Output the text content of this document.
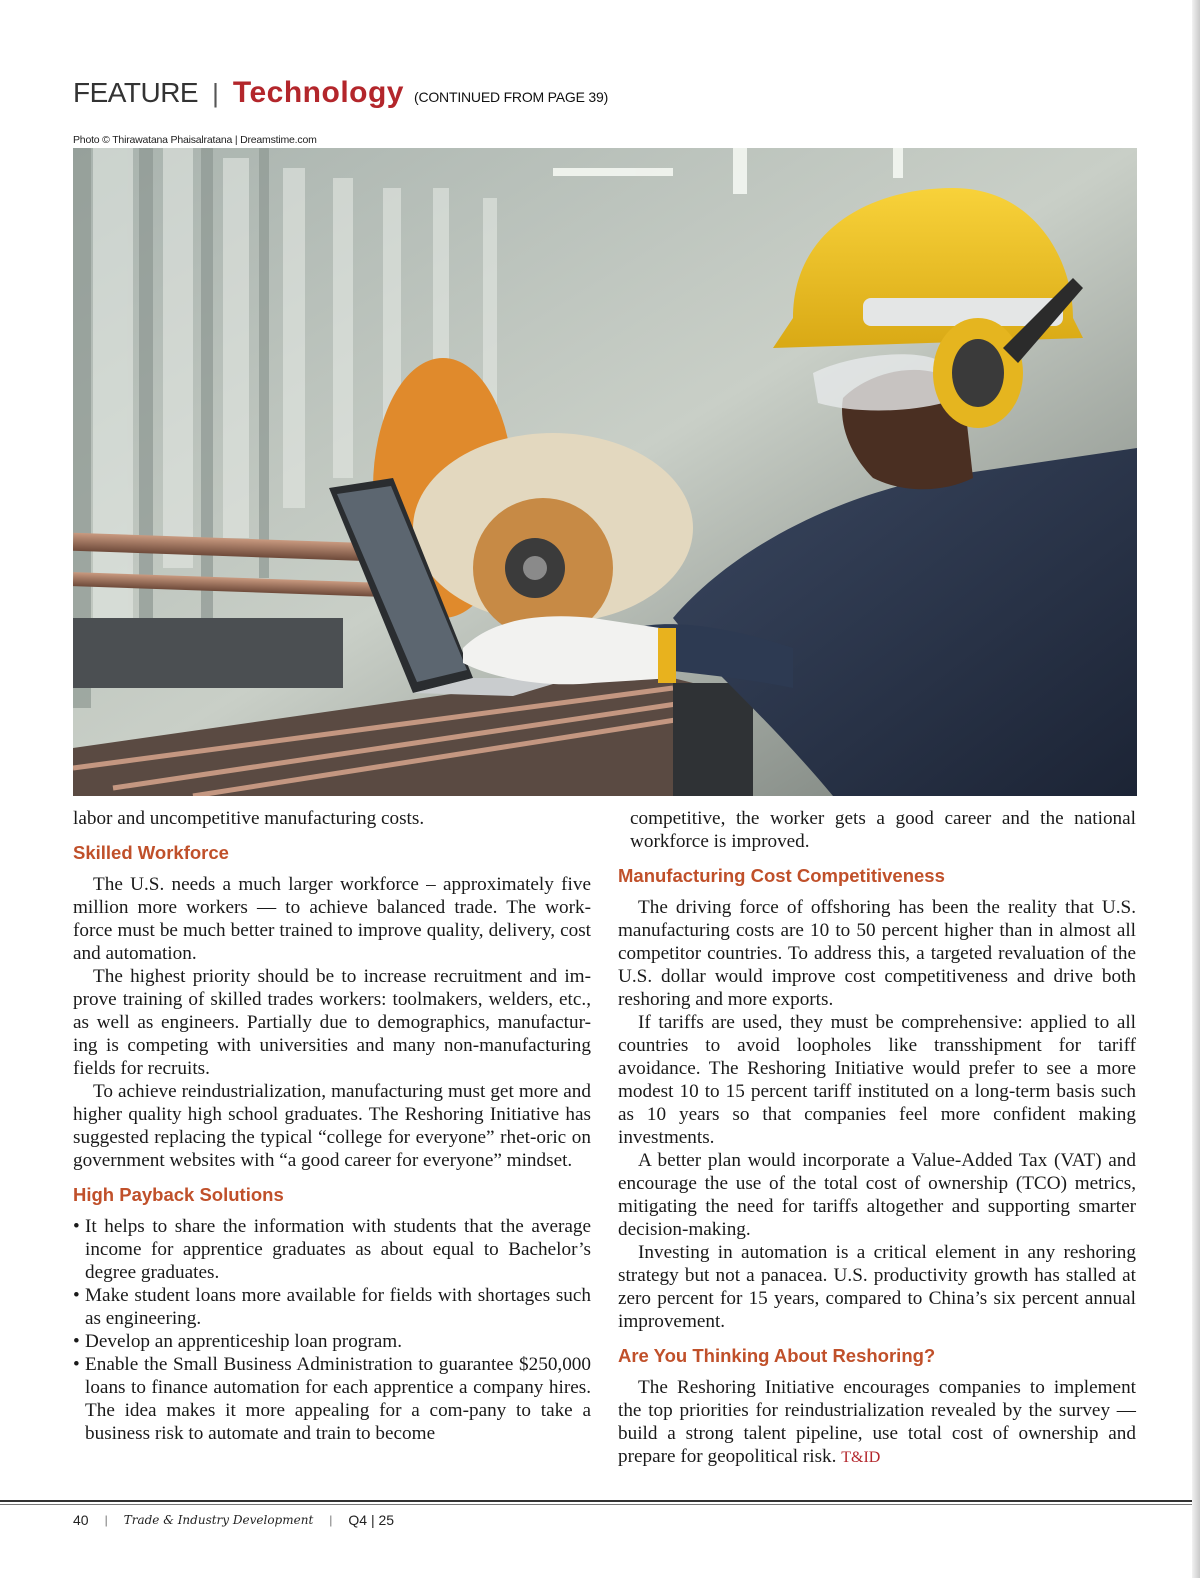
FEATURE | Technology (CONTINUED FROM PAGE 39)
Photo © Thirawatana Phaisalratana | Dreamstime.com

labor and uncompetitive manufacturing costs.

Skilled Workforce

The U.S. needs a much larger workforce – approximately five million more workers — to achieve balanced trade. The work-force must be much better trained to improve quality, delivery, cost and automation.

The highest priority should be to increase recruitment and im-prove training of skilled trades workers: toolmakers, welders, etc., as well as engineers. Partially due to demographics, manufactur-ing is competing with universities and many non-manufacturing fields for recruits.

To achieve reindustrialization, manufacturing must get more and higher quality high school graduates. The Reshoring Initiative has suggested replacing the typical “college for everyone” rhet-oric on government websites with “a good career for everyone” mindset.

High Payback Solutions
• It helps to share the information with students that the average income for apprentice graduates as about equal to Bachelor’s degree graduates.
• Make student loans more available for fields with shortages such as engineering.
• Develop an apprenticeship loan program.
• Enable the Small Business Administration to guarantee $250,000 loans to finance automation for each apprentice a company hires. The idea makes it more appealing for a com-pany to take a business risk to automate and train to become

competitive, the worker gets a good career and the national workforce is improved.

Manufacturing Cost Competitiveness

The driving force of offshoring has been the reality that U.S. manufacturing costs are 10 to 50 percent higher than in almost all competitor countries. To address this, a targeted revaluation of the U.S. dollar would improve cost competitiveness and drive both reshoring and more exports.

If tariffs are used, they must be comprehensive: applied to all countries to avoid loopholes like transshipment for tariff avoidance. The Reshoring Initiative would prefer to see a more modest 10 to 15 percent tariff instituted on a long-term basis such as 10 years so that companies feel more confident making investments.

A better plan would incorporate a Value-Added Tax (VAT) and encourage the use of the total cost of ownership (TCO) metrics, mitigating the need for tariffs altogether and supporting smarter decision-making.

Investing in automation is a critical element in any reshoring strategy but not a panacea. U.S. productivity growth has stalled at zero percent for 15 years, compared to China’s six percent annual improvement.

Are You Thinking About Reshoring?

The Reshoring Initiative encourages companies to implement the top priorities for reindustrialization revealed by the survey — build a strong talent pipeline, use total cost of ownership and prepare for geopolitical risk. T&ID

40 | Trade & Industry Development | Q4 | 25
